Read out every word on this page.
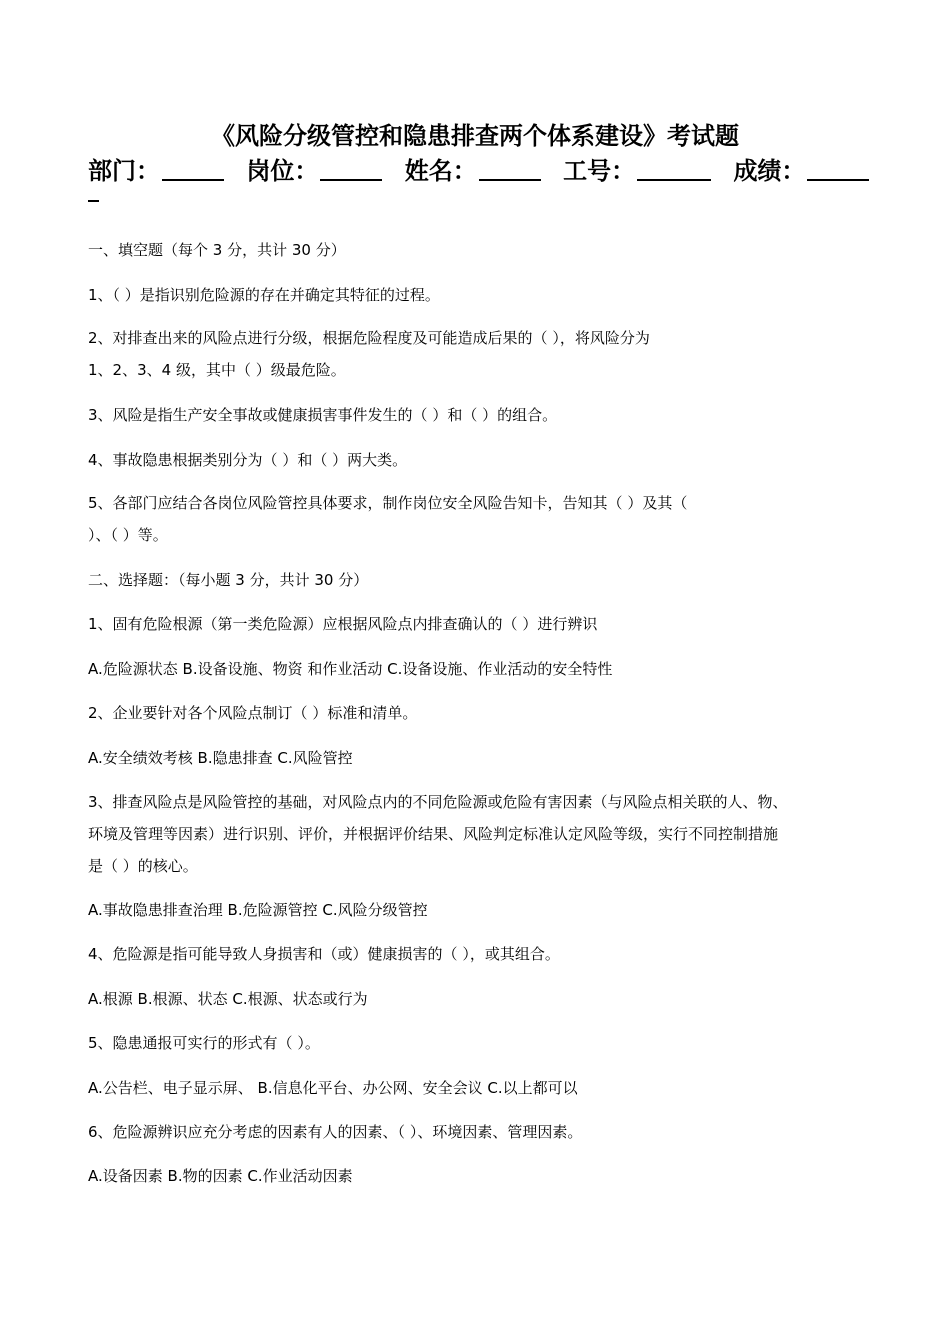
《风险分级管控和隐患排查两个体系建设》考试题
部门：	岗位：	姓名：	工号：	成绩：
一、填空题（每个 3 分，共计 30 分）
1、（ ）是指识别危险源的存在并确定其特征的过程。
2、对排查出来的风险点进行分级，根据危险程度及可能造成后果的（ ），将风险分为
1、2、3、4 级，其中（ ）级最危险。
3、风险是指生产安全事故或健康损害事件发生的（ ）和（ ）的组合。
4、事故隐患根据类别分为（ ）和（ ）两大类。
5、各部门应结合各岗位风险管控具体要求，制作岗位安全风险告知卡，告知其（ ）及其（
）、（ ）等。
二、选择题：（每小题 3 分，共计 30 分）
1、固有危险根源（第一类危险源）应根据风险点内排查确认的（ ）进行辨识
A.危险源状态 B.设备设施、物资 和作业活动 C.设备设施、作业活动的安全特性
2、企业要针对各个风险点制订（ ）标准和清单。
A.安全绩效考核 B.隐患排查 C.风险管控
3、排查风险点是风险管控的基础，对风险点内的不同危险源或危险有害因素（与风险点相关联的人、物、
环境及管理等因素）进行识别、评价，并根据评价结果、风险判定标准认定风险等级，实行不同控制措施
是（ ）的核心。
A.事故隐患排查治理 B.危险源管控 C.风险分级管控
4、危险源是指可能导致人身损害和（或）健康损害的（ ），或其组合。
A.根源 B.根源、状态 C.根源、状态或行为
5、隐患通报可实行的形式有（ ）。
A.公告栏、电子显示屏、 B.信息化平台、办公网、安全会议 C.以上都可以
6、危险源辨识应充分考虑的因素有人的因素、（ ）、环境因素、管理因素。
A.设备因素 B.物的因素 C.作业活动因素
